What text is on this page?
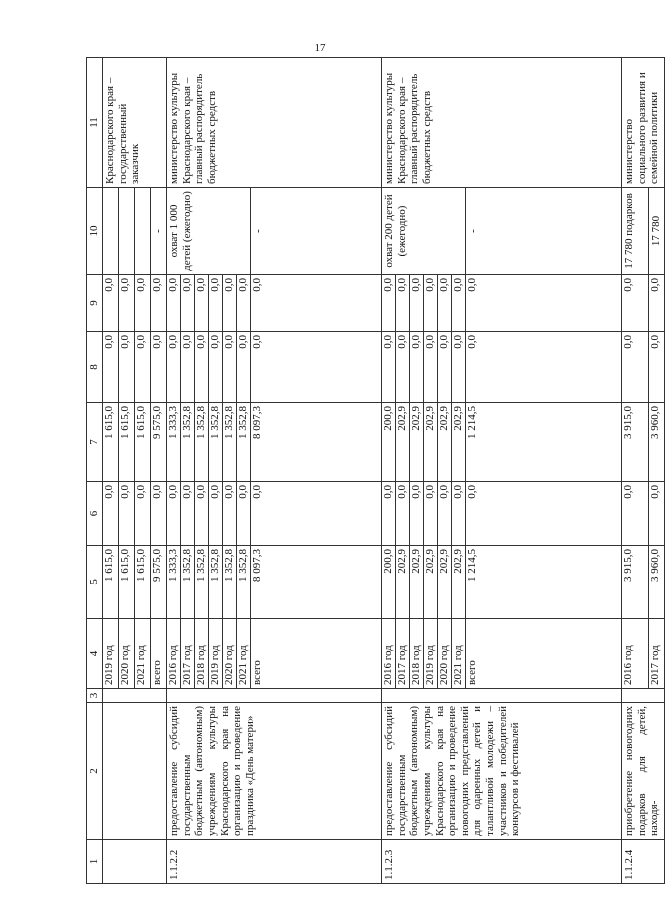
17
1	2	3	4	5	6	7	8	9	10	11
			2019 год	1 615,0	0,0	1 615,0	0,0	0,0		Краснодарского края – государственный заказчик
			2020 год	1 615,0	0,0	1 615,0	0,0	0,0		
			2021 год	1 615,0	0,0	1 615,0	0,0	0,0		
			всего	9 575,0	0,0	9 575,0	0,0	0,0	-	
1.1.2.2	предоставление субсидий государственным бюджетным (автономным) учреждениям культуры Краснодарского края на организацию и проведение праздника «День матери»		2016 год	1 333,3	0,0	1 333,3	0,0	0,0	охват 1 000 детей (ежегодно)	министерство культуры Краснодарского края – главный распорядитель бюджетных средств
			2017 год	1 352,8	0,0	1 352,8	0,0	0,0		
			2018 год	1 352,8	0,0	1 352,8	0,0	0,0		
			2019 год	1 352,8	0,0	1 352,8	0,0	0,0		
			2020 год	1 352,8	0,0	1 352,8	0,0	0,0		
			2021 год	1 352,8	0,0	1 352,8	0,0	0,0		
			всего	8 097,3	0,0	8 097,3	0,0	0,0	-	
1.1.2.3	предоставление субсидий государственным бюджетным (автономным) учреждениям культуры Краснодарского края на организацию и проведение новогодних представлений для одаренных детей и талантливой молодежи – участников и победителей конкурсов и фестивалей		2016 год	200,0	0,0	200,0	0,0	0,0	охват 200 детей (ежегодно)	министерство культуры Краснодарского края – главный распорядитель бюджетных средств
			2017 год	202,9	0,0	202,9	0,0	0,0		
			2018 год	202,9	0,0	202,9	0,0	0,0		
			2019 год	202,9	0,0	202,9	0,0	0,0		
			2020 год	202,9	0,0	202,9	0,0	0,0		
			2021 год	202,9	0,0	202,9	0,0	0,0		
			всего	1 214,5	0,0	1 214,5	0,0	0,0	-	
1.1.2.4	приобретение новогодних подарков для детей, находя-		2016 год	3 915,0	0,0	3 915,0	0,0	0,0	17 780 подарков	министерство социального развития и семейной политики
			2017 год	3 960,0	0,0	3 960,0	0,0	0,0	17 780	
